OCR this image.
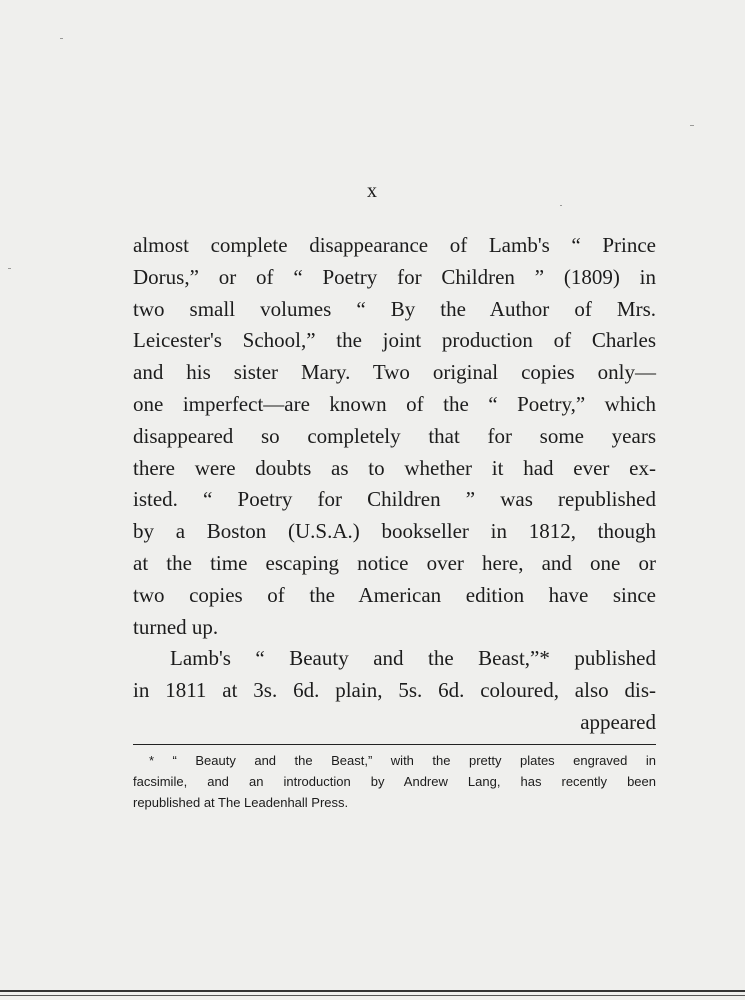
x
almost complete disappearance of Lamb's “ Prince
Dorus,” or of “ Poetry for Children ” (1809) in
two small volumes “ By the Author of Mrs.
Leicester's School,” the joint production of Charles
and his sister Mary. Two original copies only—
one imperfect—are known of the “ Poetry,” which
disappeared so completely that for some years
there were doubts as to whether it had ever ex-
isted. “ Poetry for Children ” was republished
by a Boston (U.S.A.) bookseller in 1812, though
at the time escaping notice over here, and one or
two copies of the American edition have since
turned up.
Lamb's “ Beauty and the Beast,”* published
in 1811 at 3s. 6d. plain, 5s. 6d. coloured, also dis-
appeared
* “ Beauty and the Beast,” with the pretty plates engraved in
facsimile, and an introduction by Andrew Lang, has recently been
republished at The Leadenhall Press.
